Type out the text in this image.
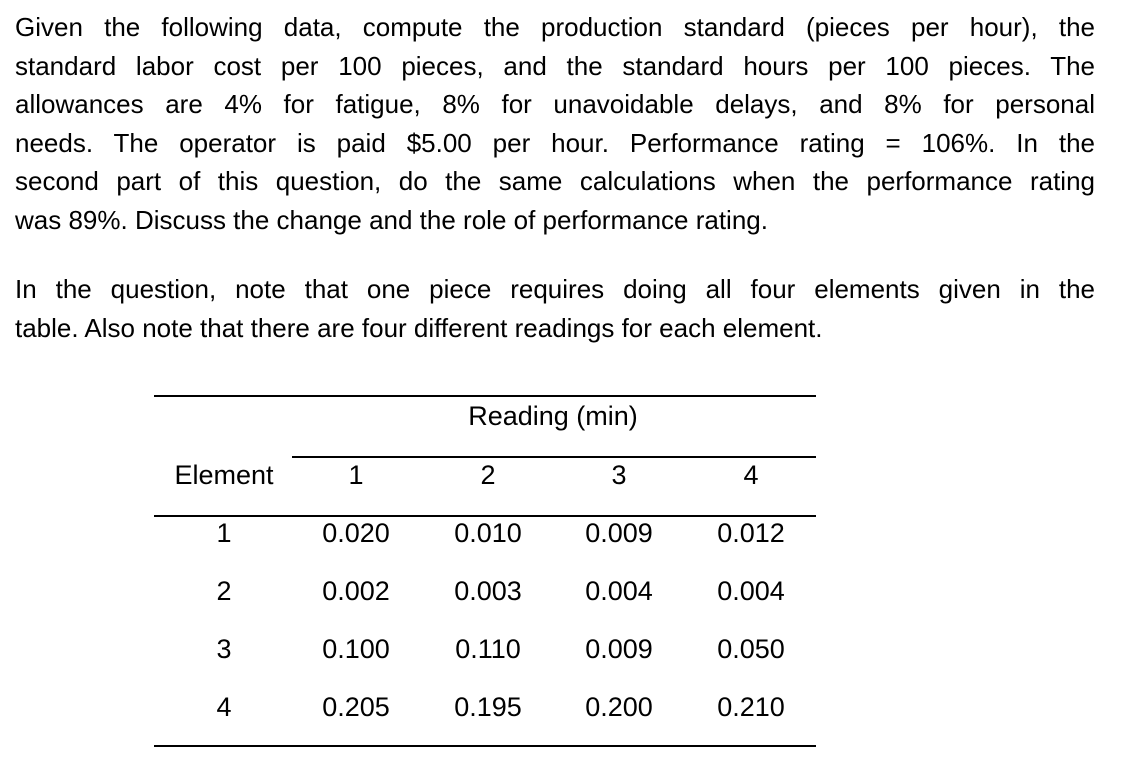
Given the following data, compute the production standard (pieces per hour), the
standard labor cost per 100 pieces, and the standard hours per 100 pieces. The
allowances are 4% for fatigue, 8% for unavoidable delays, and 8% for personal
needs. The operator is paid $5.00 per hour. Performance rating = 106%. In the
second part of this question, do the same calculations when the performance rating
was 89%. Discuss the change and the role of performance rating.
In the question, note that one piece requires doing all four elements given in the
table. Also note that there are four different readings for each element.
Reading (min)
Element	1	2	3	4
1	0.020 0.010 0.009 0.012
2	0.002 0.003 0.004 0.004
3	0.100 0.110 0.009 0.050
4	0.205 0.195 0.200 0.210
